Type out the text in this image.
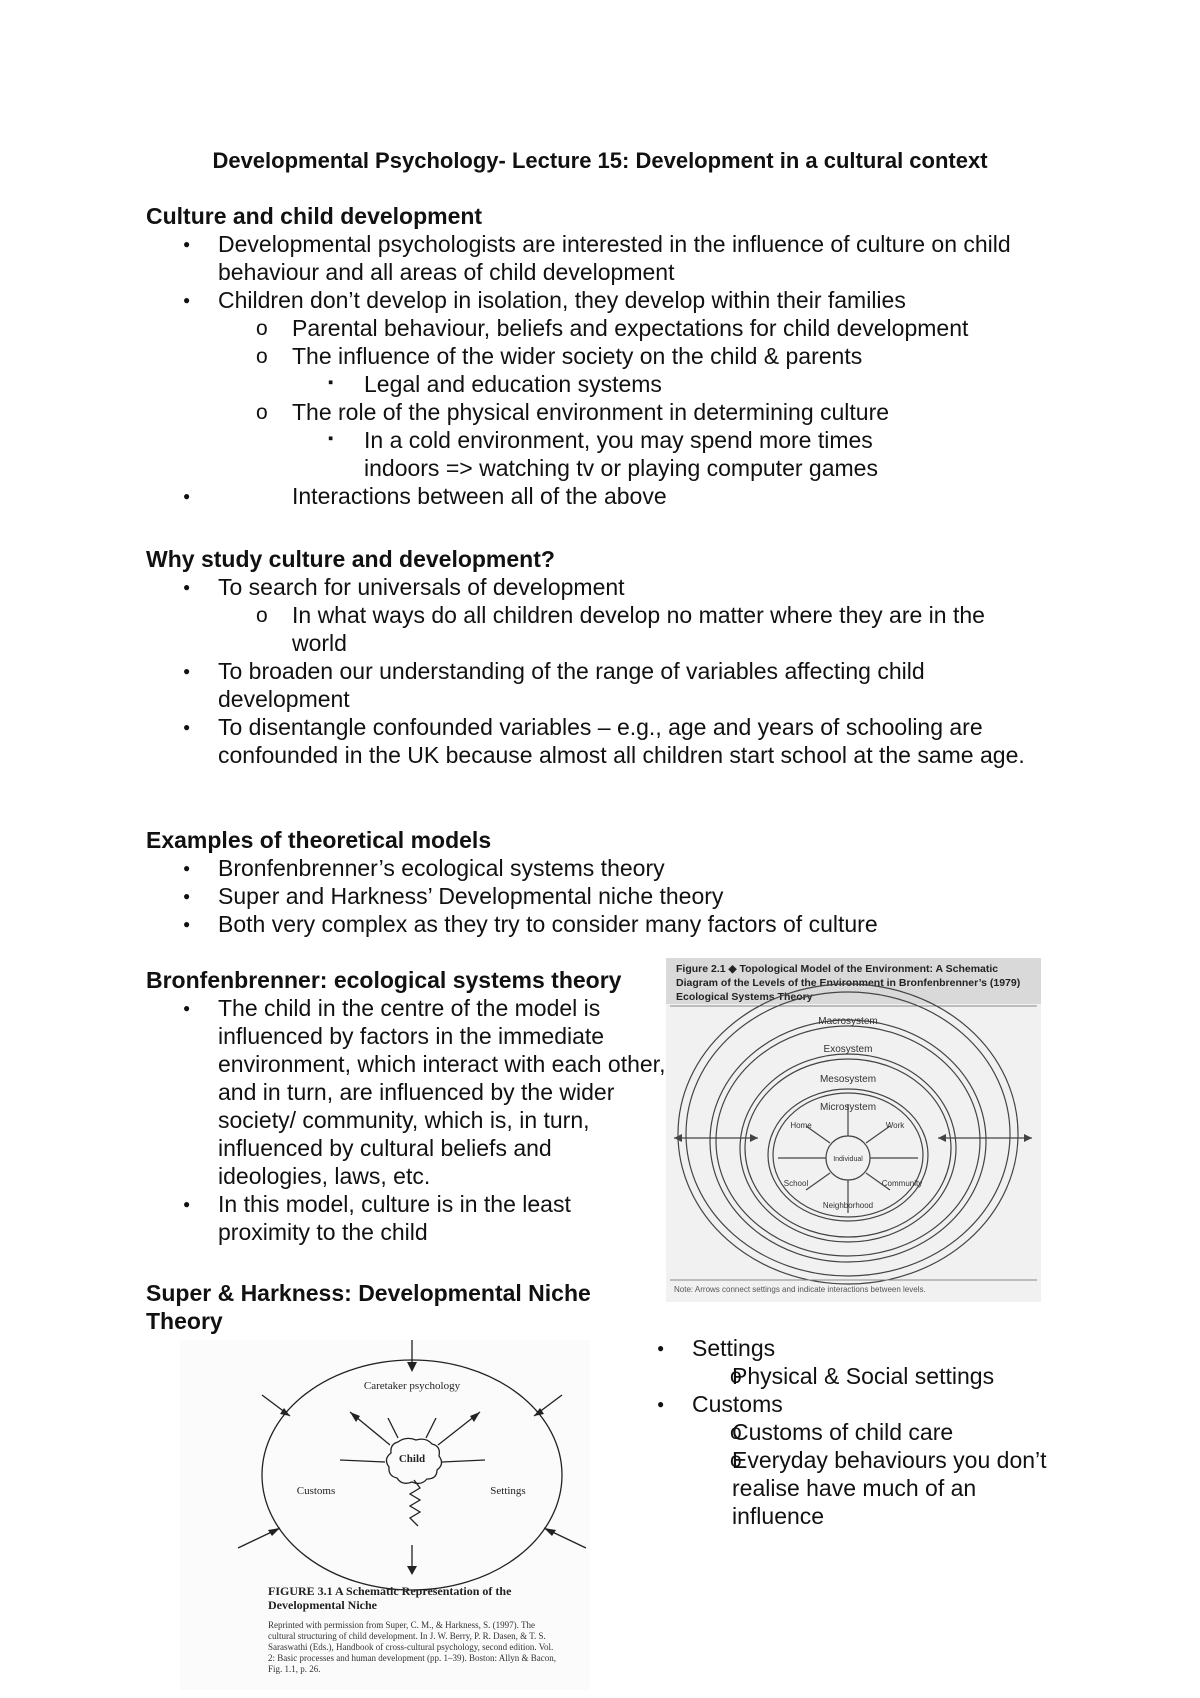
Developmental Psychology- Lecture 15: Development in a cultural context
Culture and child development
● Developmental psychologists are interested in the influence of culture on child behaviour and all areas of child development
● Children don’t develop in isolation, they develop within their families
o Parental behaviour, beliefs and expectations for child development
o The influence of the wider society on the child & parents
▪ Legal and education systems
o The role of the physical environment in determining culture
▪ In a cold environment, you may spend more times indoors => watching tv or playing computer games
● Interactions between all of the above
Why study culture and development?
● To search for universals of development
o In what ways do all children develop no matter where they are in the world
● To broaden our understanding of the range of variables affecting child development
● To disentangle confounded variables – e.g., age and years of schooling are confounded in the UK because almost all children start school at the same age.
Examples of theoretical models
● Bronfenbrenner’s ecological systems theory
● Super and Harkness’ Developmental niche theory
● Both very complex as they try to consider many factors of culture
Bronfenbrenner: ecological systems theory
● The child in the centre of the model is influenced by factors in the immediate environment, which interact with each other, and in turn, are influenced by the wider society/ community, which is, in turn, influenced by cultural beliefs and ideologies, laws, etc.
● In this model, culture is in the least proximity to the child
Figure 2.1 ◆ Topological Model of the Environment: A Schematic Diagram of the Levels of the Environment in Bronfenbrenner’s (1979) Ecological Systems Theory
Macrosystem
Exosystem
Mesosystem
Microsystem
Home	Work
Individual
School	Community
Neighborhood
Note: Arrows connect settings and indicate interactions between levels.
Super & Harkness: Developmental Niche Theory
● Settings
o Physical & Social settings
● Customs
o Customs of child care
o Everyday behaviours you don’t realise have much of an influence
Caretaker psychology
Child
Customs	Settings
FIGURE 3.1 A Schematic Representation of the Developmental Niche
Reprinted with permission from Super, C. M., & Harkness, S. (1997). The cultural structuring of child development. In J. W. Berry, P. R. Dasen, & T. S. Saraswathi (Eds.), Handbook of cross-cultural psychology, second edition. Vol. 2: Basic processes and human development (pp. 1–39). Boston: Allyn & Bacon, Fig. 1.1, p. 26.
